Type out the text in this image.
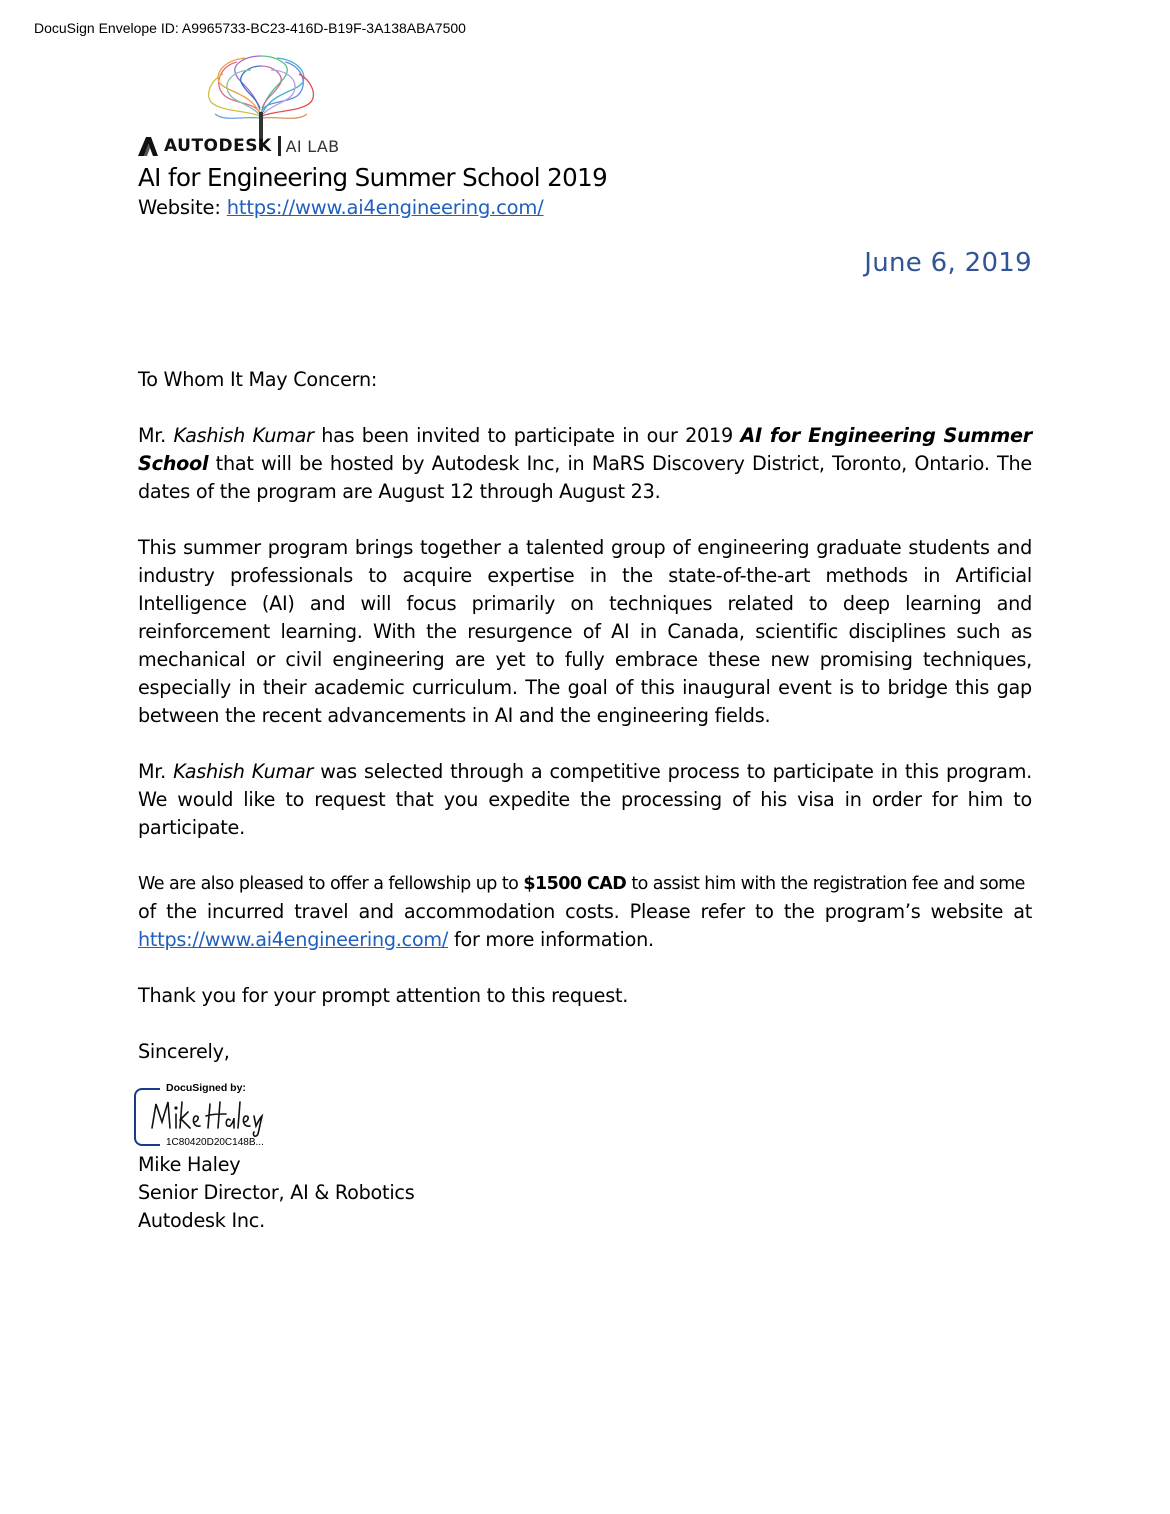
DocuSign Envelope ID: A9965733-BC23-416D-B19F-3A138ABA7500
AUTODESK AI LAB
AI for Engineering Summer School 2019
Website: https://www.ai4engineering.com/
June 6, 2019

To Whom It May Concern:

Mr. Kashish Kumar has been invited to participate in our 2019 AI for Engineering Summer School that will be hosted by Autodesk Inc, in MaRS Discovery District, Toronto, Ontario. The dates of the program are August 12 through August 23.

This summer program brings together a talented group of engineering graduate students and industry professionals to acquire expertise in the state-of-the-art methods in Artificial Intelligence (AI) and will focus primarily on techniques related to deep learning and reinforcement learning. With the resurgence of AI in Canada, scientific disciplines such as mechanical or civil engineering are yet to fully embrace these new promising techniques, especially in their academic curriculum. The goal of this inaugural event is to bridge this gap between the recent advancements in AI and the engineering fields.

Mr. Kashish Kumar was selected through a competitive process to participate in this program. We would like to request that you expedite the processing of his visa in order for him to participate.

We are also pleased to offer a fellowship up to $1500 CAD to assist him with the registration fee and some

of the incurred travel and accommodation costs. Please refer to the program’s website at

https://www.ai4engineering.com/ for more information.

Thank you for your prompt attention to this request.

Sincerely,

Mike Haley DocuSigned by:
1C80420D20C148B...
Mike Haley
Senior Director, AI & Robotics
Autodesk Inc.
